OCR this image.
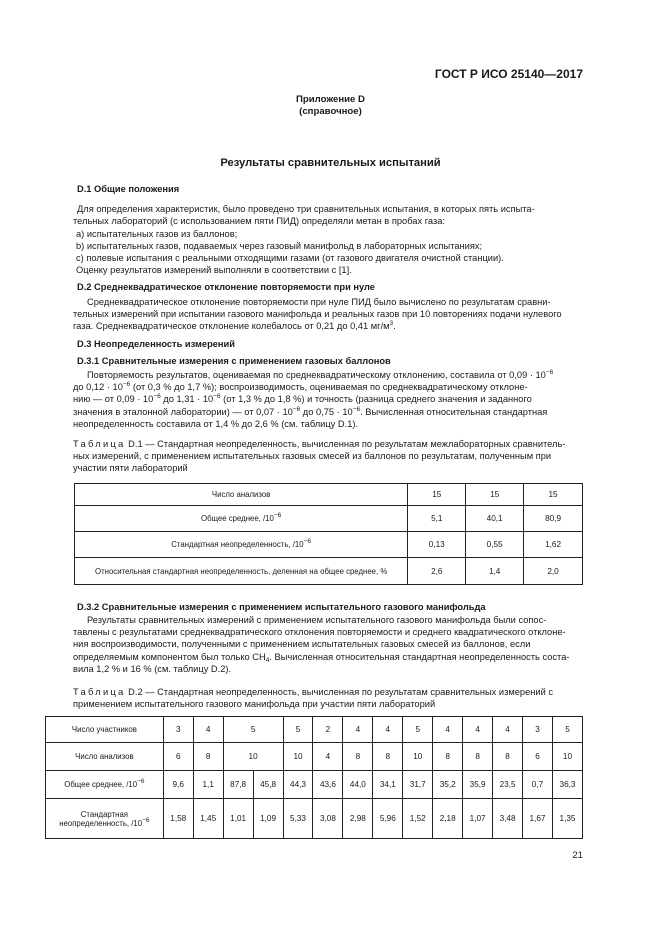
ГОСТ Р ИСО 25140—2017
Приложение D
(справочное)
Результаты сравнительных испытаний
D.1 Общие положения
Для определения характеристик, было проведено три сравнительных испытания, в которых пять испыта-
тельных лабораторий (с использованием пяти ПИД) определяли метан в пробах газа:
а) испытательных газов из баллонов;
b) испытательных газов, подаваемых через газовый манифольд в лабораторных испытаниях;
c) полевые испытания с реальными отходящими газами (от газового двигателя очистной станции).
Оценку результатов измерений выполняли в соответствии с [1].
D.2 Среднеквадратическое отклонение повторяемости при нуле
Среднеквадратическое отклонение повторяемости при нуле ПИД было вычислено по результатам сравни-
тельных измерений при испытании газового манифольда и реальных газов при 10 повторениях подачи нулевого
газа. Среднеквадратическое отклонение колебалось от 0,21 до 0,41 $мг/м^3$.
D.3 Неопределенность измерений
D.3.1 Сравнительные измерения с применением газовых баллонов
Повторяемость результатов, оцениваемая по среднеквадратическому отклонению, составила от $0,09 \cdot 10^{-6}$
до $0,12 \cdot 10^{-6}$ (от 0,3 % до 1,7 %); воспроизводимость, оцениваемая по среднеквадратическому отклоне-
нию — от $0,09 \cdot 10^{-6}$ до $1,31 \cdot 10^{-6}$ (от 1,3 % до 1,8 %) и точность (разница среднего значения и заданного
значения в эталонной лаборатории) — от $0,07 \cdot 10^{-6}$ до $0,75 \cdot 10^{-6}$. Вычисленная относительная стандартная
неопределенность составила от 1,4 % до 2,6 % (см. таблицу D.1).
Таблица D.1 — Стандартная неопределенность, вычисленная по результатам межлабораторных сравнитель-
ных измерений, с применением испытательных газовых смесей из баллонов по результатам, полученным при
участии пяти лабораторий
Число анализов	15	15	15
Общее среднее, $/10^{-6}$	5,1	40,1	80,9
Стандартная неопределенность, $/10^{-6}$	0,13	0,55	1,62
Относительная стандартная неопределенность, деленная на общее среднее, %	2,6	1,4	2,0
D.3.2 Сравнительные измерения с применением испытательного газового манифольда
Результаты сравнительных измерений с применением испытательного газового манифольда были сопос-
тавлены с результатами среднеквадратического отклонения повторяемости и среднего квадратического отклоне-
ния воспроизводимости, полученными с применением испытательных газовых смесей из баллонов, если
определяемым компонентом был только $CH_4$. Вычисленная относительная стандартная неопределенность соста-
вила 1,2 % и 16 % (см. таблицу D.2).
Таблица D.2 — Стандартная неопределенность, вычисленная по результатам сравнительных измерений с
применением испытательного газового манифольда при участии пяти лабораторий
Число участников	3	4	5		5	2	4	4	5	4	4	4	3	5
Число анализов	6	8	10		10	4	8	8	10	8	8	8	6	10
Общее среднее, $/10^{-6}$	9,6	1,1	87,8	45,8	44,3	43,6	44,0	34,1	31,7	35,2	35,9	23,5	0,7	36,3
Стандартная
неопределенность, $/10^{-6}$	1,58	1,45	1,01	1,09	5,33	3,08	2,98	5,96	1,52	2,18	1,07	3,48	1,67	1,35
21
